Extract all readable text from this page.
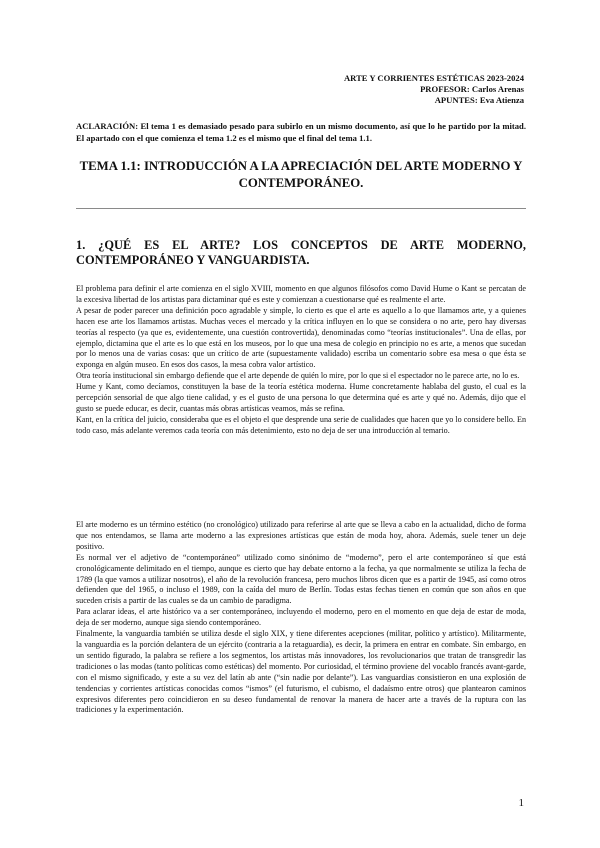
ARTE Y CORRIENTES ESTÉTICAS 2023-2024
PROFESOR: Carlos Arenas
APUNTES: Eva Atienza
ACLARACIÓN: El tema 1 es demasiado pesado para subirlo en un mismo documento, así que lo he partido por la mitad. El apartado con el que comienza el tema 1.2 es el mismo que el final del tema 1.1.
TEMA 1.1: INTRODUCCIÓN A LA APRECIACIÓN DEL ARTE MODERNO Y CONTEMPORÁNEO.
1. ¿QUÉ ES EL ARTE? LOS CONCEPTOS DE ARTE MODERNO, CONTEMPORÁNEO Y VANGUARDISTA.

El problema para definir el arte comienza en el siglo XVIII, momento en que algunos filósofos como David Hume o Kant se percatan de la excesiva libertad de los artistas para dictaminar qué es este y comienzan a cuestionarse qué es realmente el arte.

A pesar de poder parecer una definición poco agradable y simple, lo cierto es que el arte es aquello a lo que llamamos arte, y a quienes hacen ese arte los llamamos artistas. Muchas veces el mercado y la crítica influyen en lo que se considera o no arte, pero hay diversas teorías al respecto (ya que es, evidentemente, una cuestión controvertida), denominadas como “teorías institucionales”. Una de ellas, por ejemplo, dictamina que el arte es lo que está en los museos, por lo que una mesa de colegio en principio no es arte, a menos que sucedan por lo menos una de varias cosas: que un crítico de arte (supuestamente validado) escriba un comentario sobre esa mesa o que ésta se exponga en algún museo. En esos dos casos, la mesa cobra valor artístico.

Otra teoría institucional sin embargo defiende que el arte depende de quién lo mire, por lo que si el espectador no le parece arte, no lo es.

Hume y Kant, como decíamos, constituyen la base de la teoría estética moderna. Hume concretamente hablaba del gusto, el cual es la percepción sensorial de que algo tiene calidad, y es el gusto de una persona lo que determina qué es arte y qué no. Además, dijo que el gusto se puede educar, es decir, cuantas más obras artísticas veamos, más se refina.

Kant, en la crítica del juicio, consideraba que es el objeto el que desprende una serie de cualidades que hacen que yo lo considere bello. En todo caso, más adelante veremos cada teoría con más detenimiento, esto no deja de ser una introducción al temario.

El arte moderno es un término estético (no cronológico) utilizado para referirse al arte que se lleva a cabo en la actualidad, dicho de forma que nos entendamos, se llama arte moderno a las expresiones artísticas que están de moda hoy, ahora. Además, suele tener un deje positivo.

Es normal ver el adjetivo de “contemporáneo” utilizado como sinónimo de “moderno”, pero el arte contemporáneo sí que está cronológicamente delimitado en el tiempo, aunque es cierto que hay debate entorno a la fecha, ya que normalmente se utiliza la fecha de 1789 (la que vamos a utilizar nosotros), el año de la revolución francesa, pero muchos libros dicen que es a partir de 1945, así como otros defienden que del 1965, o incluso el 1989, con la caída del muro de Berlín. Todas estas fechas tienen en común que son años en que suceden crisis a partir de las cuales se da un cambio de paradigma.

Para aclarar ideas, el arte histórico va a ser contemporáneo, incluyendo el moderno, pero en el momento en que deja de estar de moda, deja de ser moderno, aunque siga siendo contemporáneo.

Finalmente, la vanguardia también se utiliza desde el siglo XIX, y tiene diferentes acepciones (militar, político y artístico). Militarmente, la vanguardia es la porción delantera de un ejército (contraria a la retaguardia), es decir, la primera en entrar en combate. Sin embargo, en un sentido figurado, la palabra se refiere a los segmentos, los artistas más innovadores, los revolucionarios que tratan de transgredir las tradiciones o las modas (tanto políticas como estéticas) del momento. Por curiosidad, el término proviene del vocablo francés avant-garde, con el mismo significado, y este a su vez del latín ab ante (“sin nadie por delante”). Las vanguardias consistieron en una explosión de tendencias y corrientes artísticas conocidas comos “ismos” (el futurismo, el cubismo, el dadaísmo entre otros) que plantearon caminos expresivos diferentes pero coincidieron en su deseo fundamental de renovar la manera de hacer arte a través de la ruptura con las tradiciones y la experimentación.

1
